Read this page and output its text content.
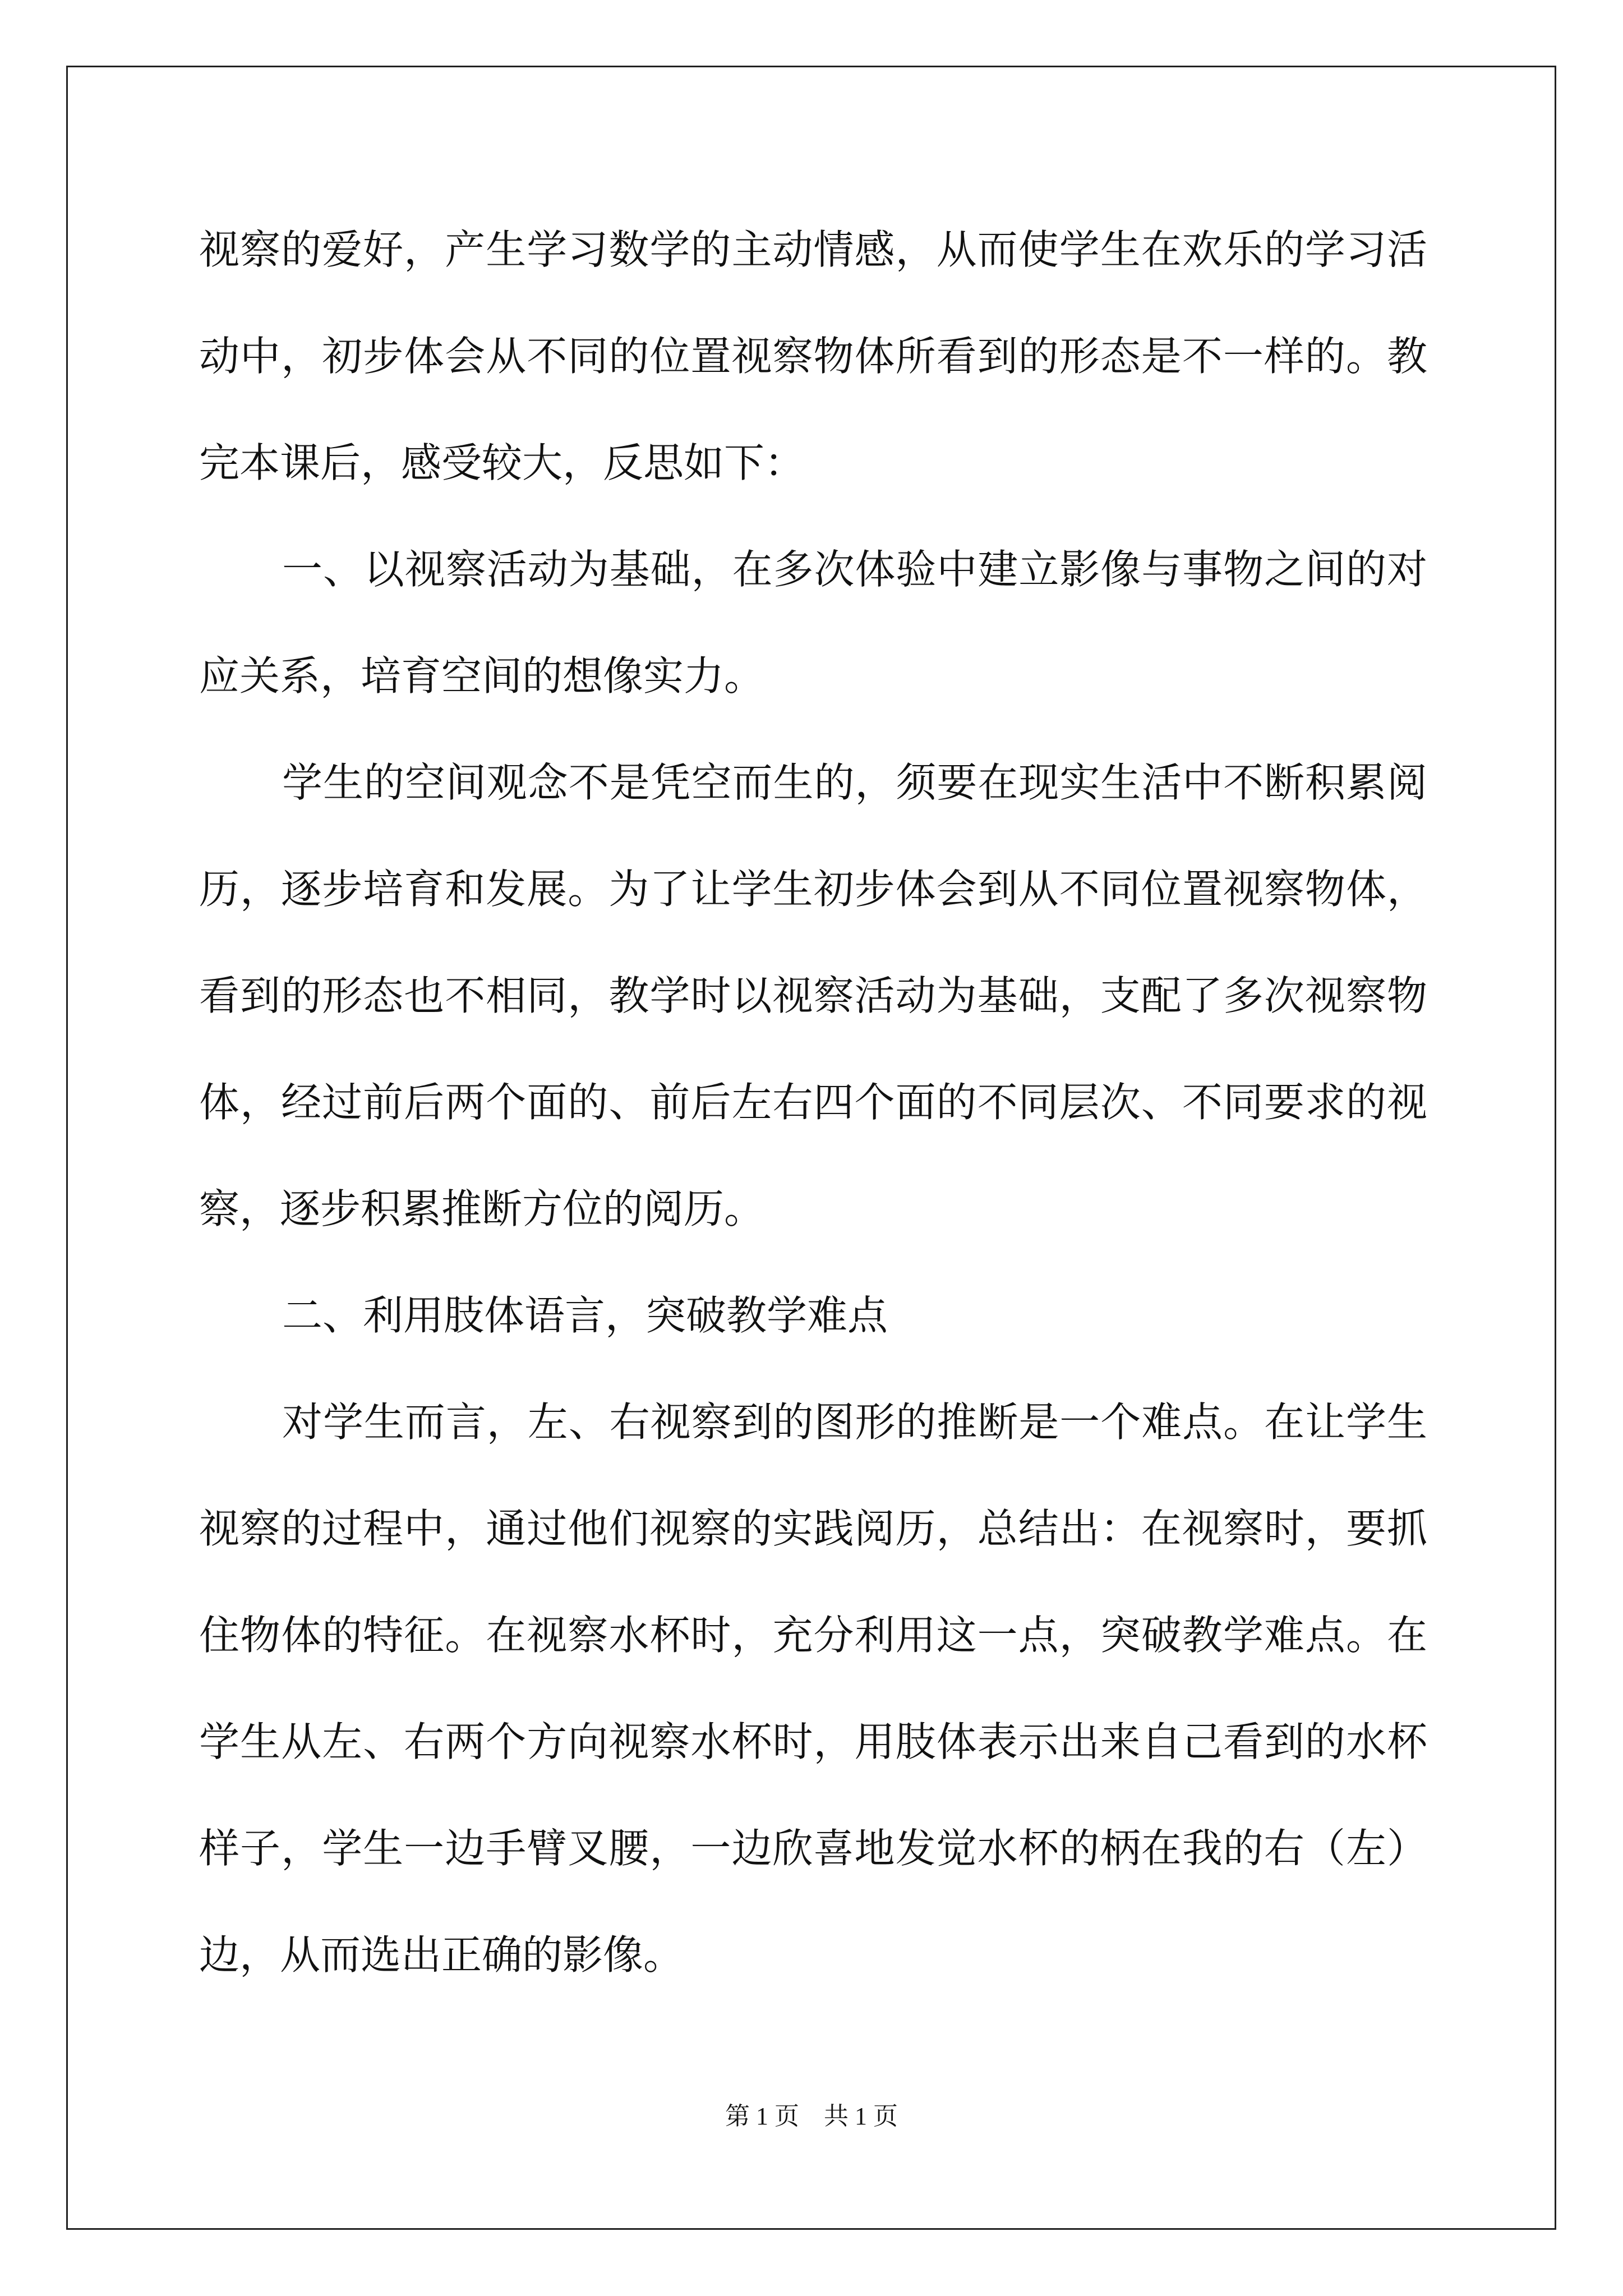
视察的爱好，产生学习数学的主动情感，从而使学生在欢乐的学习活
动中，初步体会从不同的位置视察物体所看到的形态是不一样的。教
完本课后，感受较大，反思如下：
一、以视察活动为基础，在多次体验中建立影像与事物之间的对
应关系，培育空间的想像实力。
学生的空间观念不是凭空而生的，须要在现实生活中不断积累阅
历，逐步培育和发展。为了让学生初步体会到从不同位置视察物体，
看到的形态也不相同，教学时以视察活动为基础，支配了多次视察物
体，经过前后两个面的、前后左右四个面的不同层次、不同要求的视
察，逐步积累推断方位的阅历。
二、利用肢体语言，突破教学难点
对学生而言，左、右视察到的图形的推断是一个难点。在让学生
视察的过程中，通过他们视察的实践阅历，总结出：在视察时，要抓
住物体的特征。在视察水杯时，充分利用这一点，突破教学难点。在
学生从左、右两个方向视察水杯时，用肢体表示出来自己看到的水杯
样子，学生一边手臂叉腰，一边欣喜地发觉水杯的柄在我的右（左）
边，从而选出正确的影像。
第 1 页    共 1 页
